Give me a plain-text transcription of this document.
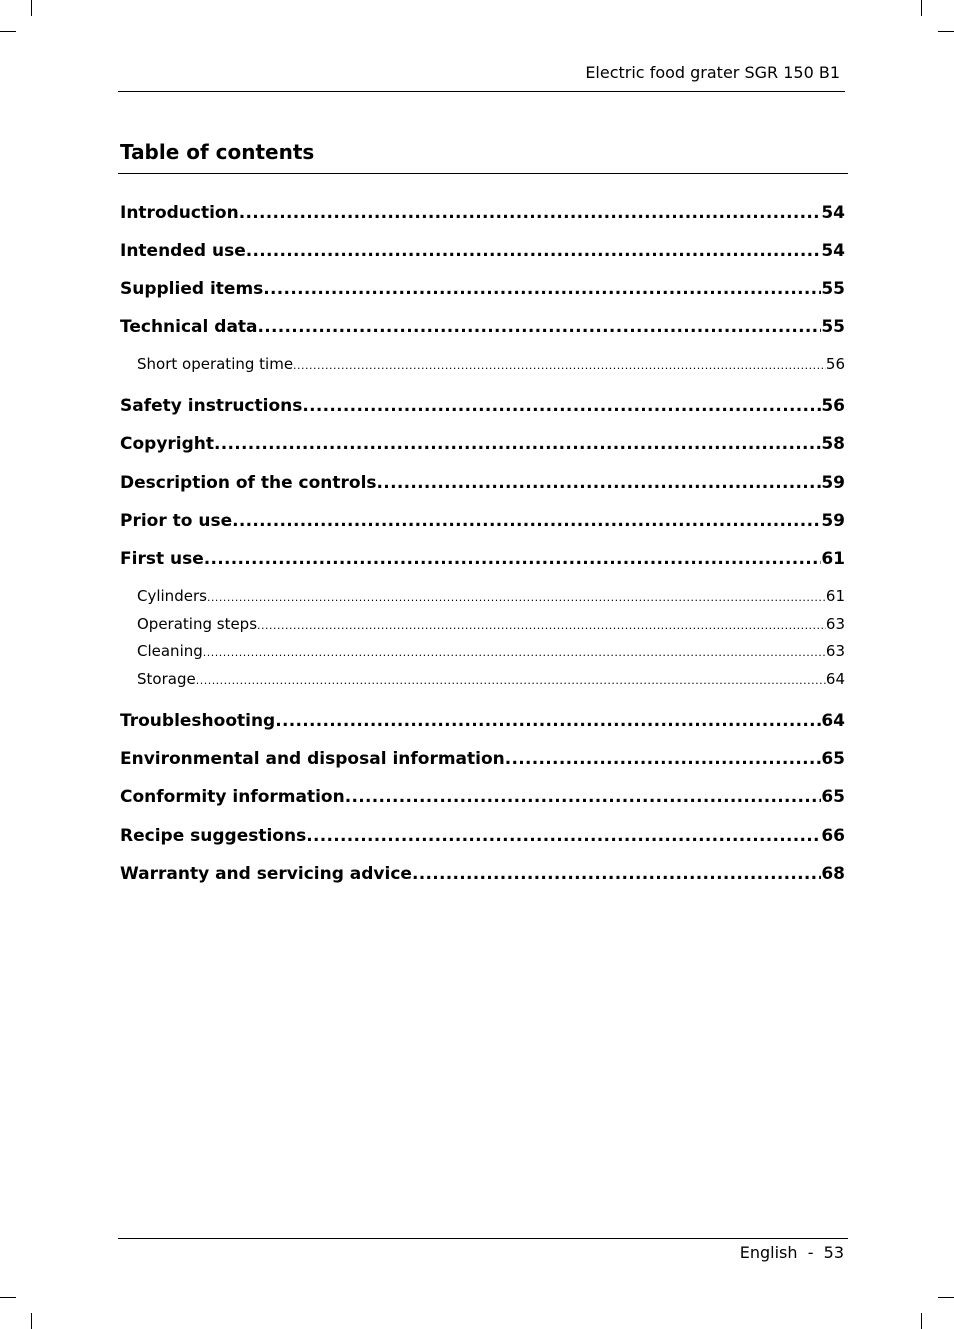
Electric food grater SGR 150 B1
Table of contents
Introduction .....	54
Intended use .....	54
Supplied items .....	55
Technical data .....	55
Short operating time .....	56
Safety instructions .....	56
Copyright .....	58
Description of the controls .....	59
Prior to use .....	59
First use .....	61
Cylinders .....	61
Operating steps .....	63
Cleaning .....	63
Storage .....	64
Troubleshooting .....	64
Environmental and disposal information .....	65
Conformity information .....	65
Recipe suggestions .....	66
Warranty and servicing advice .....	68
English - 53
